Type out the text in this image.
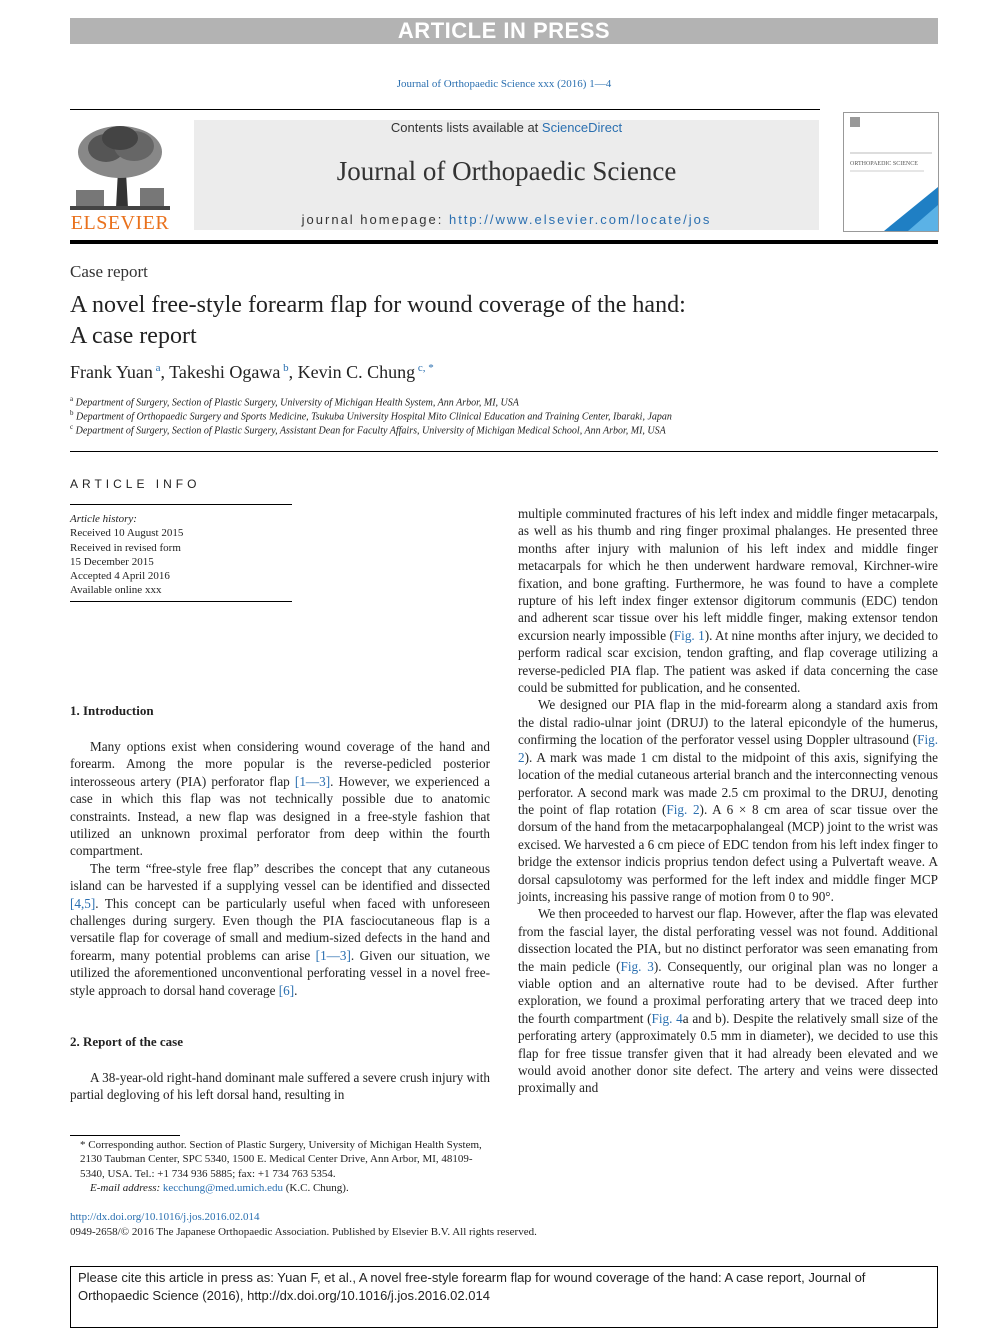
ARTICLE IN PRESS
Journal of Orthopaedic Science xxx (2016) 1—4
ELSEVIER
Contents lists available at ScienceDirect
Journal of Orthopaedic Science
journal homepage: http://www.elsevier.com/locate/jos
ORTHOPAEDIC SCIENCE
Case report
A novel free-style forearm flap for wound coverage of the hand:
A case report
Frank Yuan $^a$, Takeshi Ogawa $^b$, Kevin C. Chung $^{c, *}$
$^a$ Department of Surgery, Section of Plastic Surgery, University of Michigan Health System, Ann Arbor, MI, USA
$^b$ Department of Orthopaedic Surgery and Sports Medicine, Tsukuba University Hospital Mito Clinical Education and Training Center, Ibaraki, Japan
$^c$ Department of Surgery, Section of Plastic Surgery, Assistant Dean for Faculty Affairs, University of Michigan Medical School, Ann Arbor, MI, USA
ARTICLE INFO
Article history:
Received 10 August 2015
Received in revised form
15 December 2015
Accepted 4 April 2016
Available online xxx
1. Introduction

Many options exist when considering wound coverage of the hand and forearm. Among the more popular is the reverse-pedicled posterior interosseous artery (PIA) perforator flap [1—3]. However, we experienced a case in which this flap was not technically possible due to anatomic constraints. Instead, a new flap was designed in a free-style fashion that utilized an unknown proximal perforator from deep within the fourth compartment.

The term “free-style free flap” describes the concept that any cutaneous island can be harvested if a supplying vessel can be identified and dissected [4,5]. This concept can be particularly useful when faced with unforeseen challenges during surgery. Even though the PIA fasciocutaneous flap is a versatile flap for coverage of small and medium-sized defects in the hand and forearm, many potential problems can arise [1—3]. Given our situation, we utilized the aforementioned unconventional perforating vessel in a novel free-style approach to dorsal hand coverage [6].

2. Report of the case

A 38-year-old right-hand dominant male suffered a severe crush injury with partial degloving of his left dorsal hand, resulting in

* Corresponding author. Section of Plastic Surgery, University of Michigan Health System, 2130 Taubman Center, SPC 5340, 1500 E. Medical Center Drive, Ann Arbor, MI, 48109-5340, USA. Tel.: +1 734 936 5885; fax: +1 734 763 5354.
E-mail address: kecchung@med.umich.edu (K.C. Chung).
http://dx.doi.org/10.1016/j.jos.2016.02.014
0949-2658/© 2016 The Japanese Orthopaedic Association. Published by Elsevier B.V. All rights reserved.

multiple comminuted fractures of his left index and middle finger metacarpals, as well as his thumb and ring finger proximal phalanges. He presented three months after injury with malunion of his left index and middle finger metacarpals for which he then underwent hardware removal, Kirchner-wire fixation, and bone grafting. Furthermore, he was found to have a complete rupture of his left index finger extensor digitorum communis (EDC) tendon and adherent scar tissue over his left middle finger, making extensor tendon excursion nearly impossible (Fig. 1). At nine months after injury, we decided to perform radical scar excision, tendon grafting, and flap coverage utilizing a reverse-pedicled PIA flap. The patient was asked if data concerning the case could be submitted for publication, and he consented.

We designed our PIA flap in the mid-forearm along a standard axis from the distal radio-ulnar joint (DRUJ) to the lateral epicondyle of the humerus, confirming the location of the perforator vessel using Doppler ultrasound (Fig. 2). A mark was made 1 cm distal to the midpoint of this axis, signifying the location of the medial cutaneous arterial branch and the interconnecting venous perforator. A second mark was made 2.5 cm proximal to the DRUJ, denoting the point of flap rotation (Fig. 2). A 6 × 8 cm area of scar tissue over the dorsum of the hand from the metacarpophalangeal (MCP) joint to the wrist was excised. We harvested a 6 cm piece of EDC tendon from his left index finger to bridge the extensor indicis proprius tendon defect using a Pulvertaft weave. A dorsal capsulotomy was performed for the left index and middle finger MCP joints, increasing his passive range of motion from 0 to 90°.

We then proceeded to harvest our flap. However, after the flap was elevated from the fascial layer, the distal perforating vessel was not found. Additional dissection located the PIA, but no distinct perforator was seen emanating from the main pedicle (Fig. 3). Consequently, our original plan was no longer a viable option and an alternative route had to be devised. After further exploration, we found a proximal perforating artery that we traced deep into the fourth compartment (Fig. 4a and b). Despite the relatively small size of the perforating artery (approximately 0.5 mm in diameter), we decided to use this flap for free tissue transfer given that it had already been elevated and we would avoid another donor site defect. The artery and veins were dissected proximally and

Please cite this article in press as: Yuan F, et al., A novel free-style forearm flap for wound coverage of the hand: A case report, Journal of Orthopaedic Science (2016), http://dx.doi.org/10.1016/j.jos.2016.02.014
